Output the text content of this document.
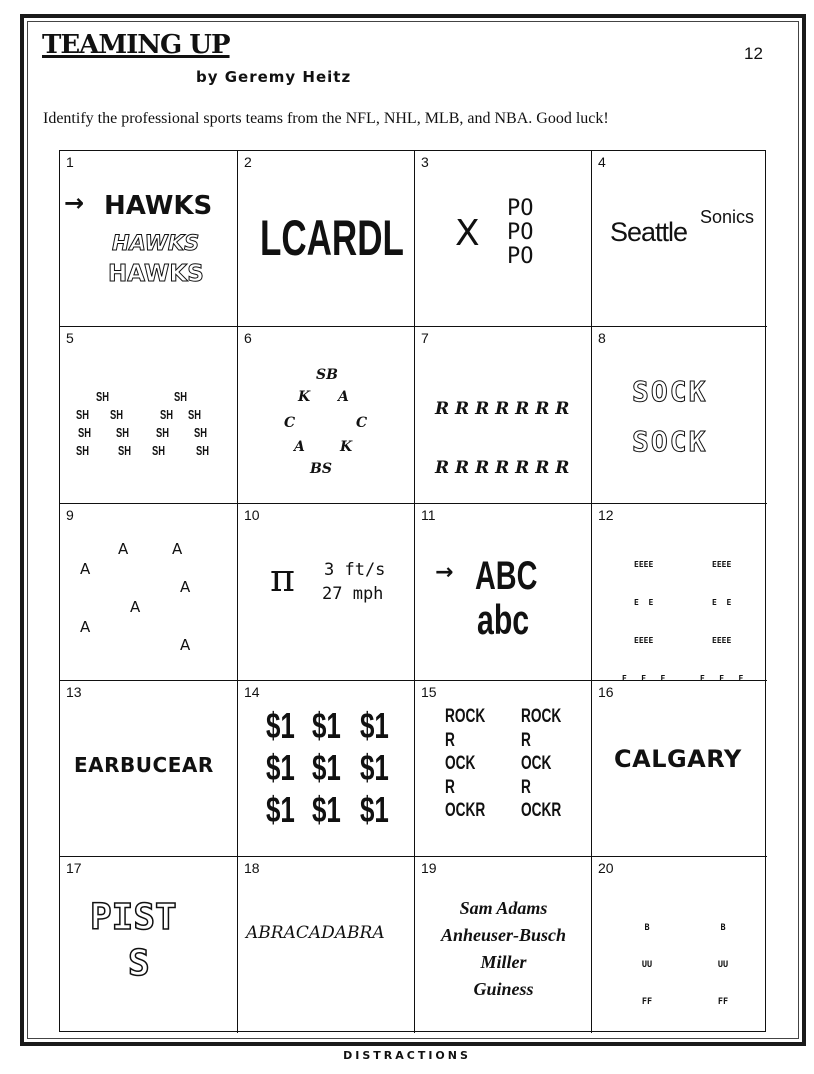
TEAMING UP
by Geremy Heitz
12
Identify the professional sports teams from the NFL, NHL, MLB, and NBA. Good luck!
1
→ HAWKS
HAWKS
HAWKS
2
LCARDL
3
X
PO
PO
PO
4
Seattle Sonics
5
SH	SH
SH SH	SH SH
SH SH SH SH
SH SH SH SH
6
SB
K A
C	C
A	K
BS
7

R R R R R R R

R R R R R R R

8
SOCK
SOCK
9
A	A
A
A
A
A
A
10
π 3 ft/s
27 mph
11
→ ABC
abc
12

EEEE

E  E

EEEE

E   E   E

EEEE

E  E

EEEE

E   E   E

13
EARBUCEAR
14
$1 $1 $1
$1 $1 $1
$1 $1 $1
15
ROCK
R
OCK
R
OCKR
ROCK
R
OCK
R
OCKR
16
CALGARY
17
PIST
S
18
ABRACADABRA
19
Sam Adams
Anheuser-Busch
Miller
Guiness
20

B

UU

FF

B

UU

FF

DISTRACTIONS
